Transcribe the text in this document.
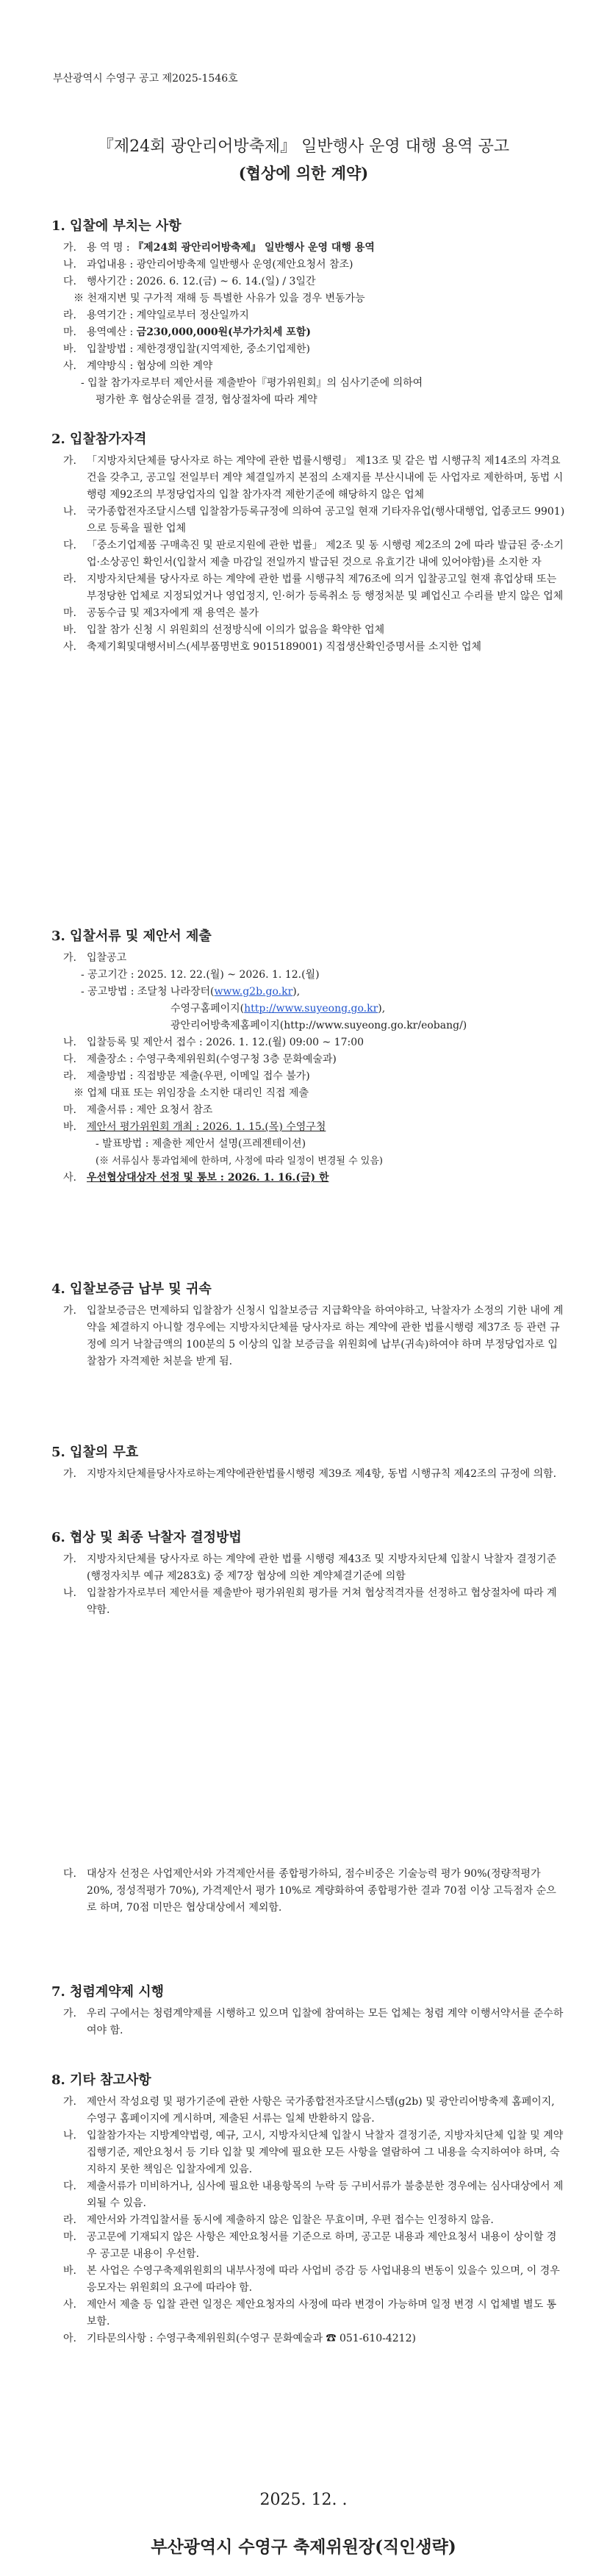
부산광역시 수영구 공고 제2025-1546호
『제24회 광안리어방축제』 일반행사 운영 대행 용역 공고
(협상에 의한 계약)
1. 입찰에 부치는 사항
가. 용 역 명 : 『제24회 광안리어방축제』 일반행사 운영 대행 용역
나. 과업내용 : 광안리어방축제 일반행사 운영(제안요청서 참조)
다. 행사기간 : 2026. 6. 12.(금) ~ 6. 14.(일) / 3일간
※ 천재지변 및 구가적 재해 등 특별한 사유가 있을 경우 변동가능
라. 용역기간 : 계약일로부터 정산일까지
마. 용역예산 : 금230,000,000원(부가가치세 포함)
바. 입찰방법 : 제한경쟁입찰(지역제한, 중소기업제한)
사. 계약방식 : 협상에 의한 계약
- 입찰 참가자로부터 제안서를 제출받아『평가위원회』의 심사기준에 의하여
평가한 후 협상순위를 결정, 협상절차에 따라 계약
2. 입찰참가자격
가. 「지방자치단체를 당사자로 하는 계약에 관한 법률시행령」 제13조 및 같은 법 시행규칙 제14조의 자격요건을 갖추고, 공고일 전일부터 계약 체결일까지 본점의 소재지를 부산시내에 둔 사업자로 제한하며, 동법 시행령 제92조의 부정당업자의 입찰 참가자격 제한기준에 해당하지 않은 업체
나. 국가종합전자조달시스템 입찰참가등록규정에 의하여 공고일 현재 기타자유업(행사대행업, 업종코드 9901)으로 등록을 필한 업체
다. 「중소기업제품 구매촉진 및 판로지원에 관한 법률」 제2조 및 동 시행령 제2조의 2에 따라 발급된 중·소기업·소상공인 확인서(입찰서 제출 마감일 전일까지 발급된 것으로 유효기간 내에 있어야함)를 소지한 자
라. 지방자치단체를 당사자로 하는 계약에 관한 법률 시행규칙 제76조에 의거 입찰공고일 현재 휴업상태 또는 부정당한 업체로 지정되었거나 영업정지, 인·허가 등록취소 등 행정처분 및 폐업신고 수리를 받지 않은 업체
마. 공동수급 및 제3자에게 재 용역은 불가
바. 입찰 참가 신청 시 위원회의 선정방식에 이의가 없음을 확약한 업체
사. 축제기획및대행서비스(세부품명번호 9015189001) 직접생산확인증명서를 소지한 업체
3. 입찰서류 및 제안서 제출
가. 입찰공고
- 공고기간 : 2025. 12. 22.(월) ~ 2026. 1. 12.(월)
- 공고방법 : 조달청 나라장터(www.g2b.go.kr),
수영구홈페이지(http://www.suyeong.go.kr),
광안리어방축제홈페이지(http://www.suyeong.go.kr/eobang/)
나. 입찰등록 및 제안서 접수 : 2026. 1. 12.(월) 09:00 ~ 17:00
다. 제출장소 : 수영구축제위원회(수영구청 3층 문화예술과)
라. 제출방법 : 직접방문 제출(우편, 이메일 접수 불가)
※ 업체 대표 또는 위임장을 소지한 대리인 직접 제출
마. 제출서류 : 제안 요청서 참조
바. 제안서 평가위원회 개최 : 2026. 1. 15.(목) 수영구청
- 발표방법 : 제출한 제안서 설명(프레젠테이션)
(※ 서류심사 통과업체에 한하며, 사정에 따라 일정이 변경될 수 있음)
사. 우선협상대상자 선정 및 통보 : 2026. 1. 16.(금) 한
4. 입찰보증금 납부 및 귀속
가. 입찰보증금은 면제하되 입찰참가 신청시 입찰보증금 지급확약을 하여야하고, 낙찰자가 소정의 기한 내에 계약을 체결하지 아니할 경우에는 지방자치단체를 당사자로 하는 계약에 관한 법률시행령 제37조 등 관련 규정에 의거 낙찰금액의 100분의 5 이상의 입찰 보증금을 위원회에 납부(귀속)하여야 하며 부정당업자로 입찰참가 자격제한 처분을 받게 됨.
5. 입찰의 무효
가. 지방자치단체를당사자로하는계약에관한법률시행령 제39조 제4항, 동법 시행규칙 제42조의 규정에 의함.
6. 협상 및 최종 낙찰자 결정방법
가. 지방자치단체를 당사자로 하는 계약에 관한 법률 시행령 제43조 및 지방자치단체 입찰시 낙찰자 결정기준(행정자치부 예규 제283호) 중 제7장 협상에 의한 계약체결기준에 의함
나. 입찰참가자로부터 제안서를 제출받아 평가위원회 평가를 거쳐 협상적격자를 선정하고 협상절차에 따라 계약함.
다. 대상자 선정은 사업제안서와 가격제안서를 종합평가하되, 점수비중은 기술능력 평가 90%(정량적평가 20%, 정성적평가 70%), 가격제안서 평가 10%로 계량화하여 종합평가한 결과 70점 이상 고득점자 순으로 하며, 70점 미만은 협상대상에서 제외함.
7. 청렴계약제 시행
가. 우리 구에서는 청렴계약제를 시행하고 있으며 입찰에 참여하는 모든 업체는 청렴 계약 이행서약서를 준수하여야 함.
8. 기타 참고사항
가. 제안서 작성요령 및 평가기준에 관한 사항은 국가종합전자조달시스템(g2b) 및 광안리어방축제 홈페이지, 수영구 홈페이지에 게시하며, 제출된 서류는 일체 반환하지 않음.
나. 입찰참가자는 지방계약법령, 예규, 고시, 지방자치단체 입찰시 낙찰자 결정기준, 지방자치단체 입찰 및 계약집행기준, 제안요청서 등 기타 입찰 및 계약에 필요한 모든 사항을 열람하여 그 내용을 숙지하여야 하며, 숙지하지 못한 책임은 입찰자에게 있음.
다. 제출서류가 미비하거나, 심사에 필요한 내용항목의 누락 등 구비서류가 불충분한 경우에는 심사대상에서 제외될 수 있음.
라. 제안서와 가격입찰서를 동시에 제출하지 않은 입찰은 무효이며, 우편 접수는 인정하지 않음.
마. 공고문에 기재되지 않은 사항은 제안요청서를 기준으로 하며, 공고문 내용과 제안요청서 내용이 상이할 경우 공고문 내용이 우선함.
바. 본 사업은 수영구축제위원회의 내부사정에 따라 사업비 증감 등 사업내용의 변동이 있을수 있으며, 이 경우 응모자는 위원회의 요구에 따라야 함.
사. 제안서 제출 등 입찰 관련 일정은 제안요청자의 사정에 따라 변경이 가능하며 일정 변경 시 업체별 별도 통보함.
아. 기타문의사항 : 수영구축제위원회(수영구 문화예술과 ☎ 051-610-4212)
2025. 12. .
부산광역시 수영구 축제위원장(직인생략)
